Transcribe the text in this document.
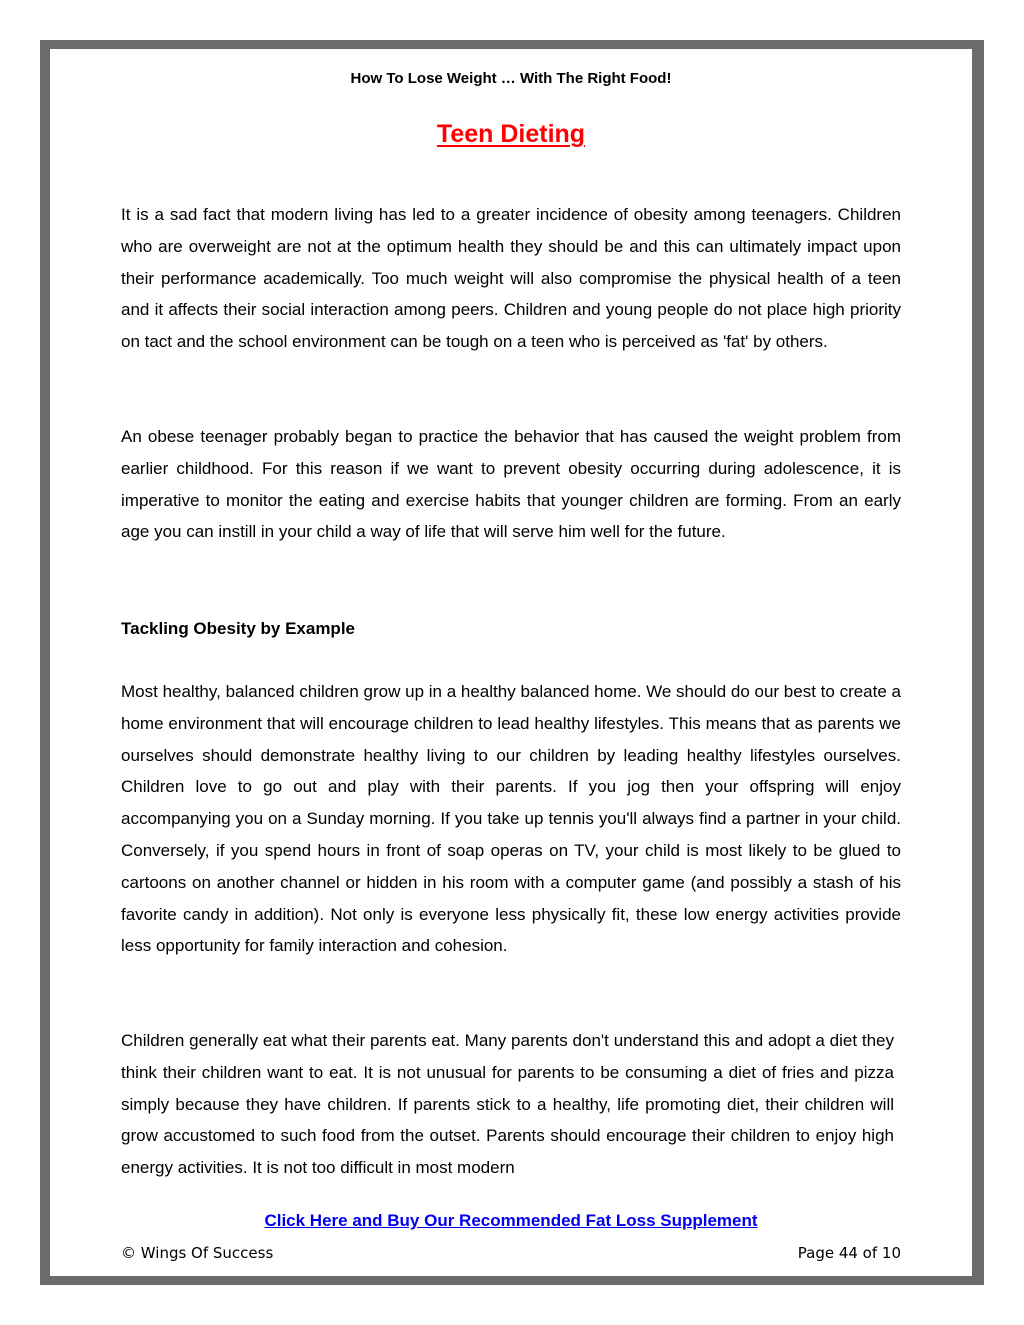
How To Lose Weight … With The Right Food!
Teen Dieting

It is a sad fact that modern living has led to a greater incidence of obesity among teenagers. Children who are overweight are not at the optimum health they should be and this can ultimately impact upon their performance academically. Too much weight will also compromise the physical health of a teen and it affects their social interaction among peers. Children and young people do not place high priority on tact and the school environment can be tough on a teen who is perceived as 'fat' by others.

An obese teenager probably began to practice the behavior that has caused the weight problem from earlier childhood. For this reason if we want to prevent obesity occurring during adolescence, it is imperative to monitor the eating and exercise habits that younger children are forming. From an early age you can instill in your child a way of life that will serve him well for the future.

Tackling Obesity by Example

Most healthy, balanced children grow up in a healthy balanced home. We should do our best to create a home environment that will encourage children to lead healthy lifestyles. This means that as parents we ourselves should demonstrate healthy living to our children by leading healthy lifestyles ourselves. Children love to go out and play with their parents. If you jog then your offspring will enjoy accompanying you on a Sunday morning. If you take up tennis you'll always find a partner in your child. Conversely, if you spend hours in front of soap operas on TV, your child is most likely to be glued to cartoons on another channel or hidden in his room with a computer game (and possibly a stash of his favorite candy in addition). Not only is everyone less physically fit, these low energy activities provide less opportunity for family interaction and cohesion.

Children generally eat what their parents eat. Many parents don't understand this and adopt a diet they think their children want to eat. It is not unusual for parents to be consuming a diet of fries and pizza simply because they have children. If parents stick to a healthy, life promoting diet, their children will grow accustomed to such food from the outset. Parents should encourage their children to enjoy high energy activities. It is not too difficult in most modern

Click Here and Buy Our Recommended Fat Loss Supplement
© Wings Of Success	Page 44 of 10
